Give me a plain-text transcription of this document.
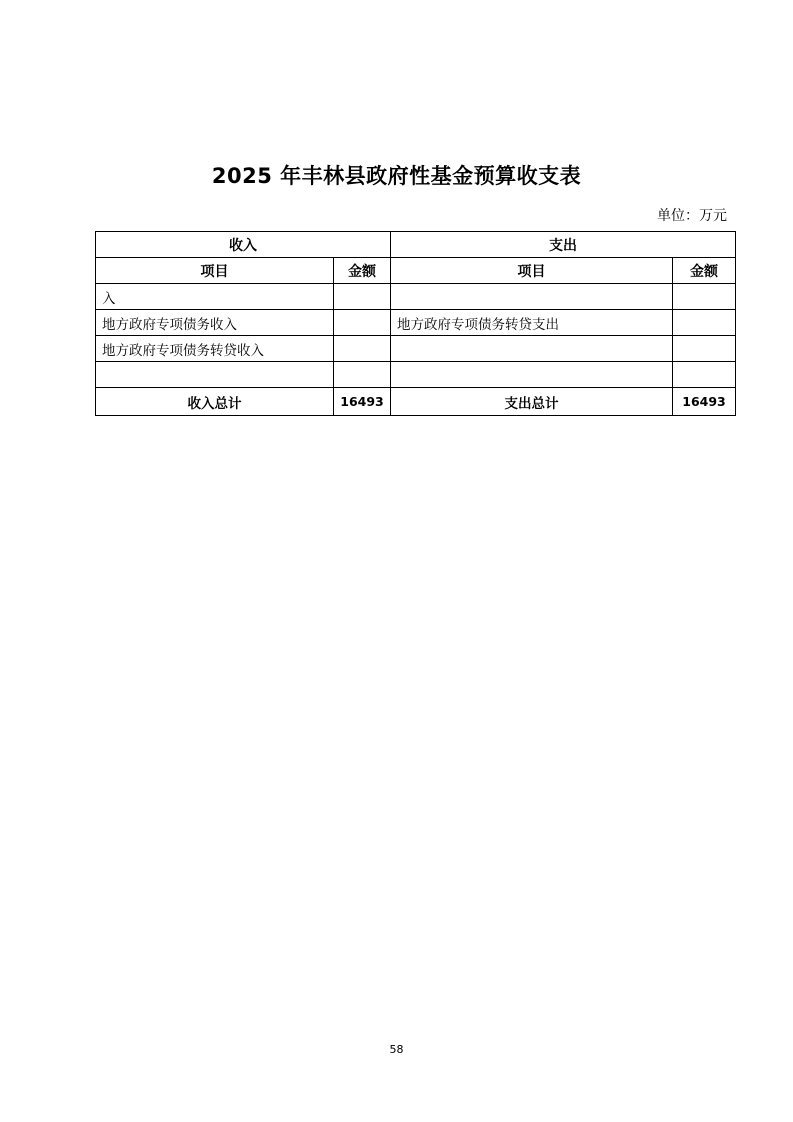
2025 年丰林县政府性基金预算收支表
单位：万元
收入		支出	
项目	金额	项目	金额
入			
地方政府专项债务收入		地方政府专项债务转贷支出	
地方政府专项债务转贷收入			

收入总计	16493	支出总计	16493
58
